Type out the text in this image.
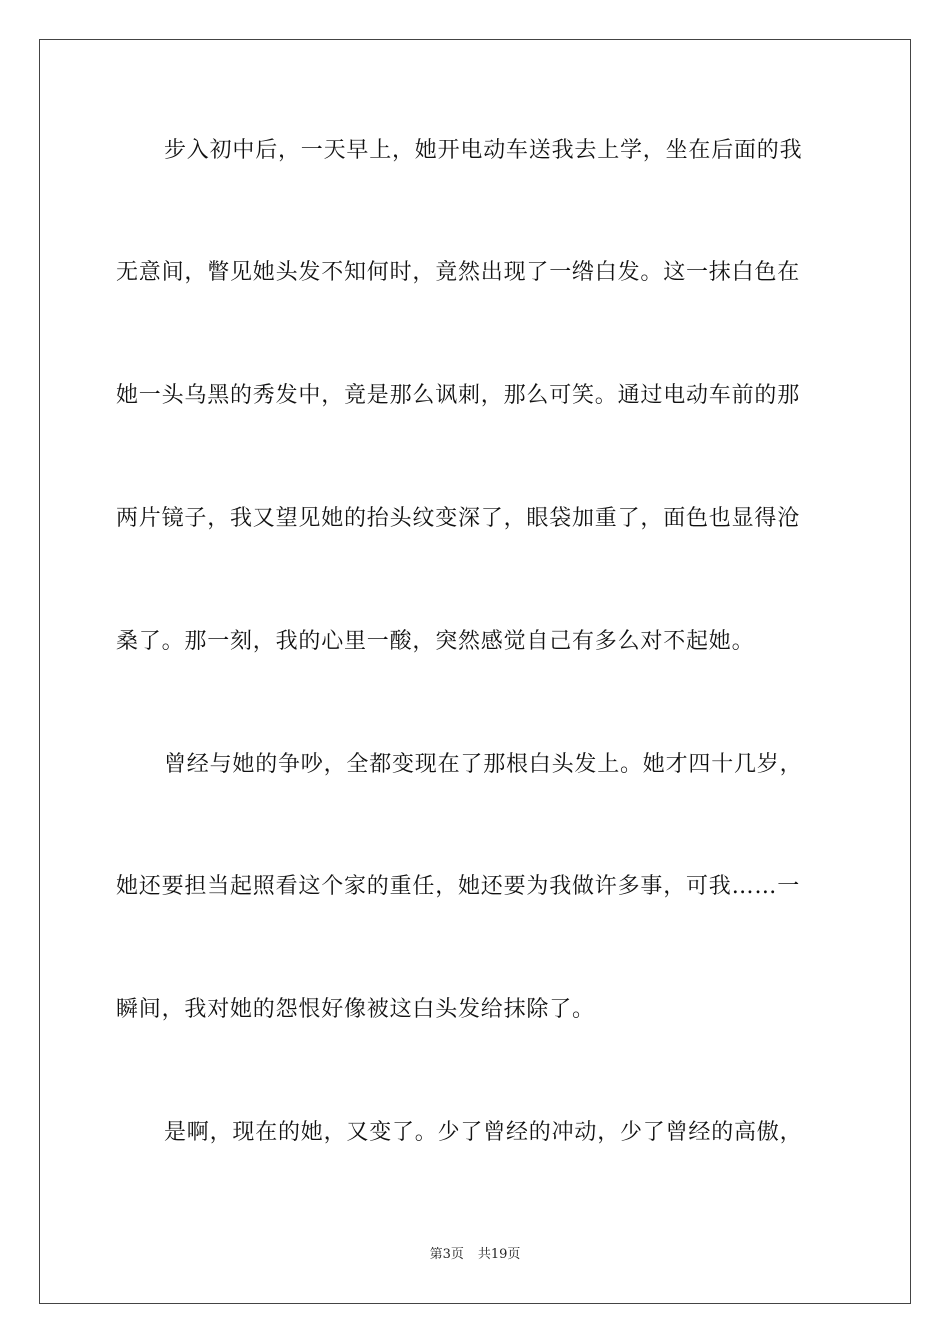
步入初中后，一天早上，她开电动车送我去上学，坐在后面的我
无意间，瞥见她头发不知何时，竟然出现了一绺白发。这一抹白色在
她一头乌黑的秀发中，竟是那么讽刺，那么可笑。通过电动车前的那
两片镜子，我又望见她的抬头纹变深了，眼袋加重了，面色也显得沧
桑了。那一刻，我的心里一酸，突然感觉自己有多么对不起她。
曾经与她的争吵，全都变现在了那根白头发上。她才四十几岁，
她还要担当起照看这个家的重任，她还要为我做许多事，可我……一
瞬间，我对她的怨恨好像被这白头发给抹除了。
是啊，现在的她，又变了。少了曾经的冲动，少了曾经的高傲，
第3页 共19页
